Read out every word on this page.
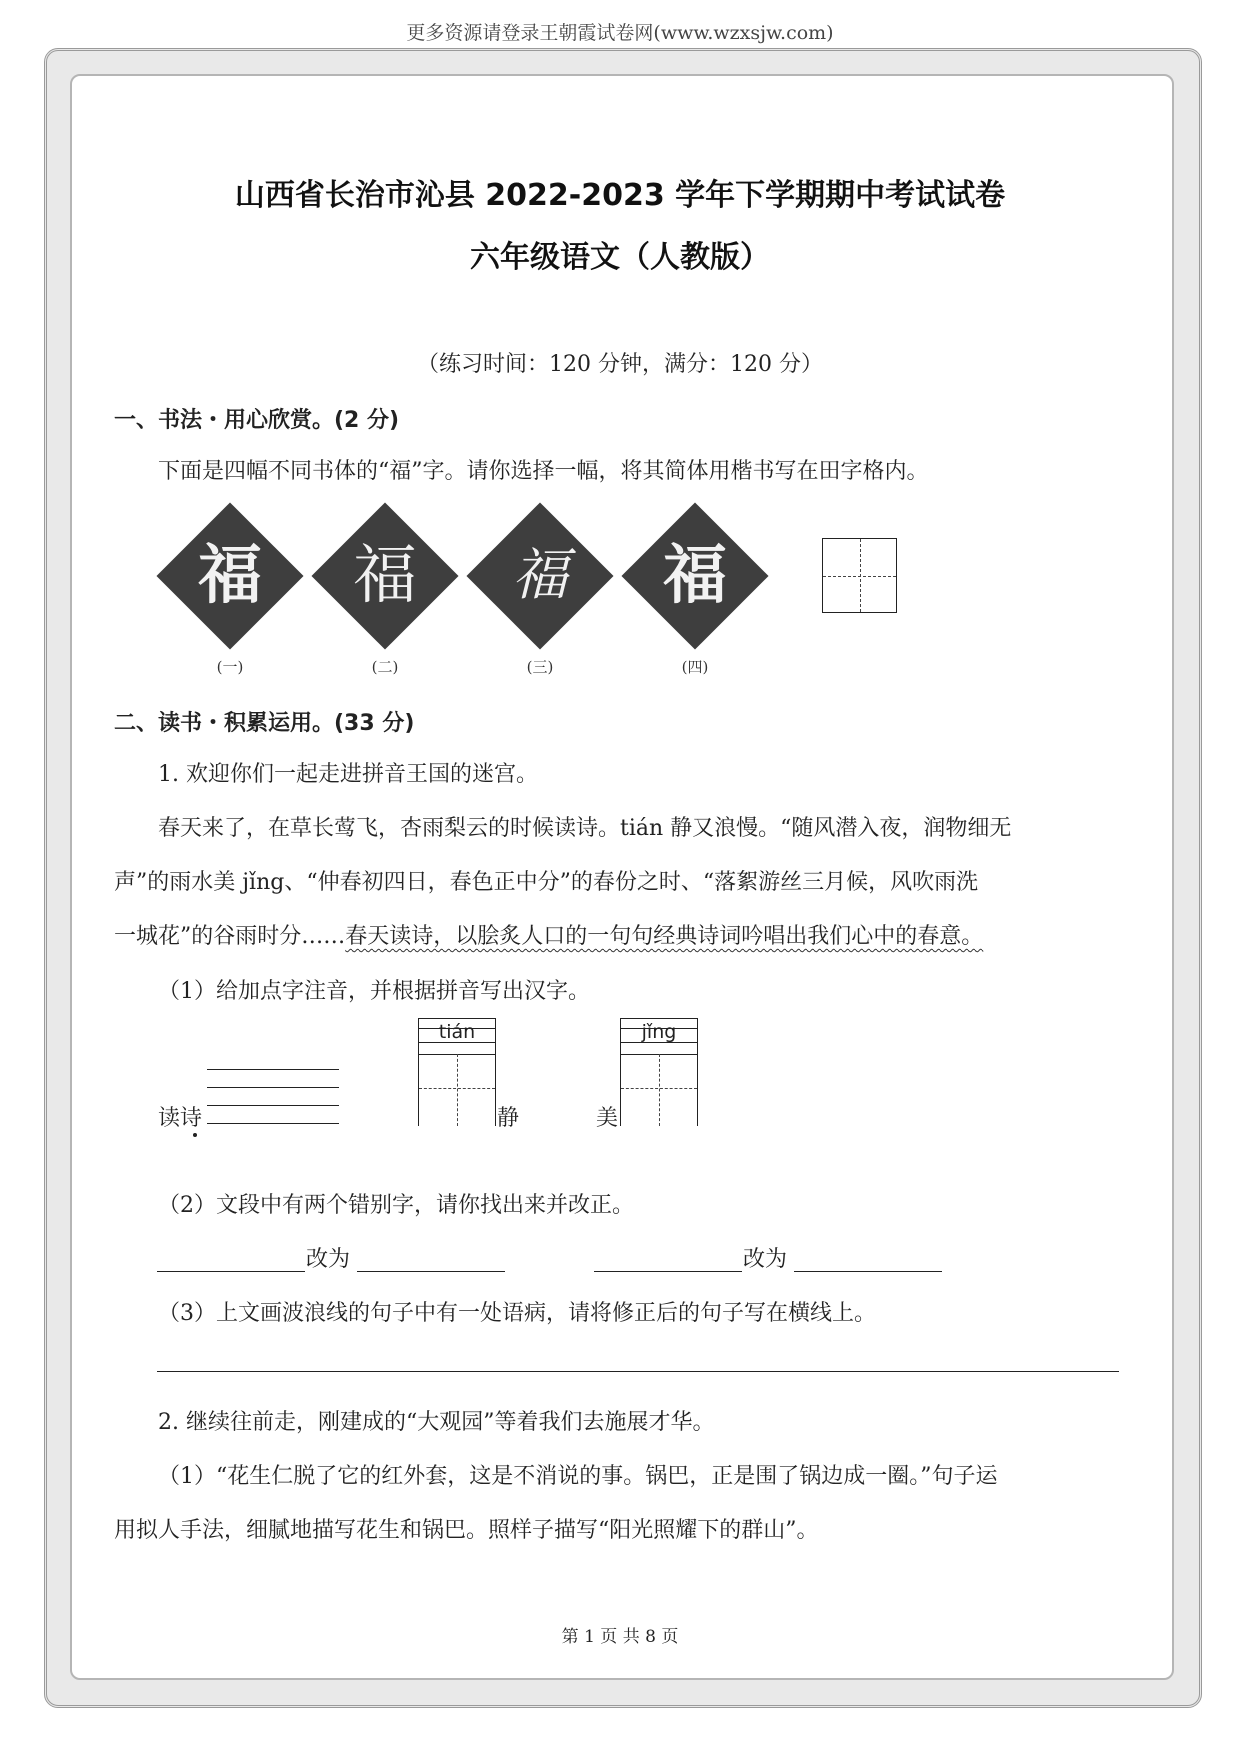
更多资源请登录王朝霞试卷网(www.wzxsjw.com)
山西省长治市沁县 2022-2023 学年下学期期中考试试卷
六年级语文（人教版）
（练习时间：120 分钟，满分：120 分）
一、书法・用心欣赏。(2 分)
下面是四幅不同书体的“福”字。请你选择一幅，将其简体用楷书写在田字格内。
福	福	福	福
(一)	(二)	(三)	(四)
二、读书・积累运用。(33 分)
1. 欢迎你们一起走进拼音王国的迷宫。
春天来了，在草长莺飞，杏雨梨云的时候读诗。tián 静又浪慢。“随风潜入夜，润物细无
声”的雨水美 jǐng、“仲春初四日，春色正中分”的春份之时、“落絮游丝三月候，风吹雨洗
一城花”的谷雨时分……春天读诗，以脍炙人口的一句句经典诗词吟唱出我们心中的春意。
（1）给加点字注音，并根据拼音写出汉字。
读诗
tián
静	美
jǐng
（2）文段中有两个错别字，请你找出来并改正。
改为	改为
（3）上文画波浪线的句子中有一处语病，请将修正后的句子写在横线上。
2. 继续往前走，刚建成的“大观园”等着我们去施展才华。
（1）“花生仁脱了它的红外套，这是不消说的事。锅巴，正是围了锅边成一圈。”句子运
用拟人手法，细腻地描写花生和锅巴。照样子描写“阳光照耀下的群山”。
第 1 页 共 8 页
